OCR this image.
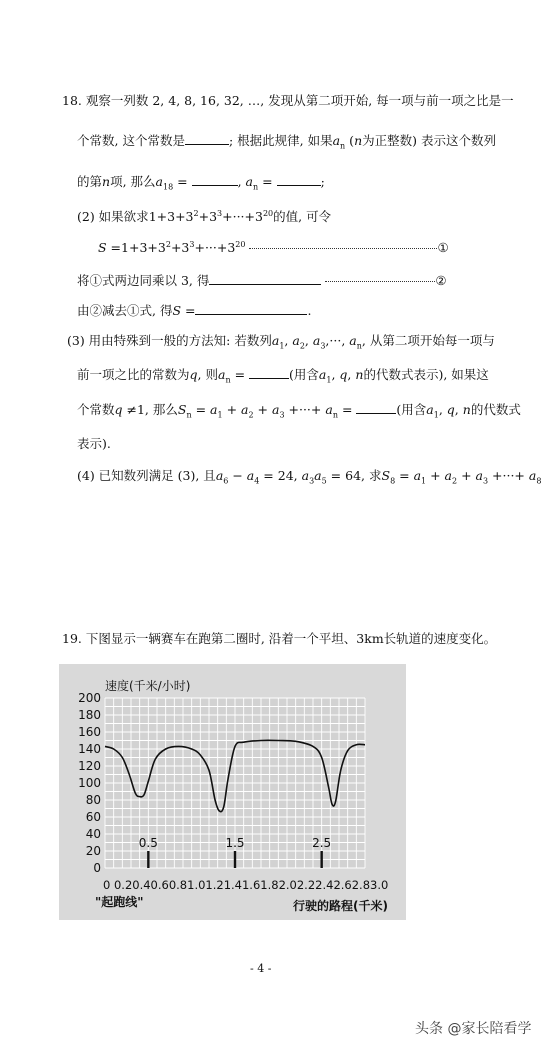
18. 观察一列数 2, 4, 8, 16, 32, …, 发现从第二项开始, 每一项与前一项之比是一
个常数, 这个常数是	; 根据此规律, 如果$a_n$ (n为正整数) 表示这个数列
的第n项, 那么$a_{18}$ =	, $a_n$ =	;
(2) 如果欲求$1+3+3^2+3^3+\cdot\cdot\cdot+3^{20}$的值, 可令
$S =1+3+3^2+3^3+\cdot\cdot\cdot+3^{20}$	①
将①式两边同乘以 3, 得	②
由②减去①式, 得S =	.
(3) 用由特殊到一般的方法知: 若数列$a_1$, $a_2$, $a_3,\cdot\cdot\cdot$, $a_n$, 从第二项开始每一项与
前一项之比的常数为q, 则$a_n$ =	(用含$a_1$, q, n的代数式表示), 如果这
个常数q ≠1, 那么$S_n = a_1 + a_2 + a_3$ +···+ $a_n$ =	(用含$a_1$, q, n的代数式
表示).
(4) 已知数列满足 (3), 且$a_6 - a_4 = 24$, $a_3a_5 = 64$, 求$S_8 = a_1 + a_2 + a_3$ +···+ $a_8$
19. 下图显示一辆赛车在跑第二圈时, 沿着一个平坦、3km长轨道的速度变化。
0.5	1.5	2.5
0
20
40
60
80
100
120
140
160
180
200
速度(千米/小时)
0 0.20.40.60.81.01.21.41.61.82.02.22.42.62.83.0
"起跑线"	行驶的路程(千米)
- 4 -
头条 @家长陪看学
